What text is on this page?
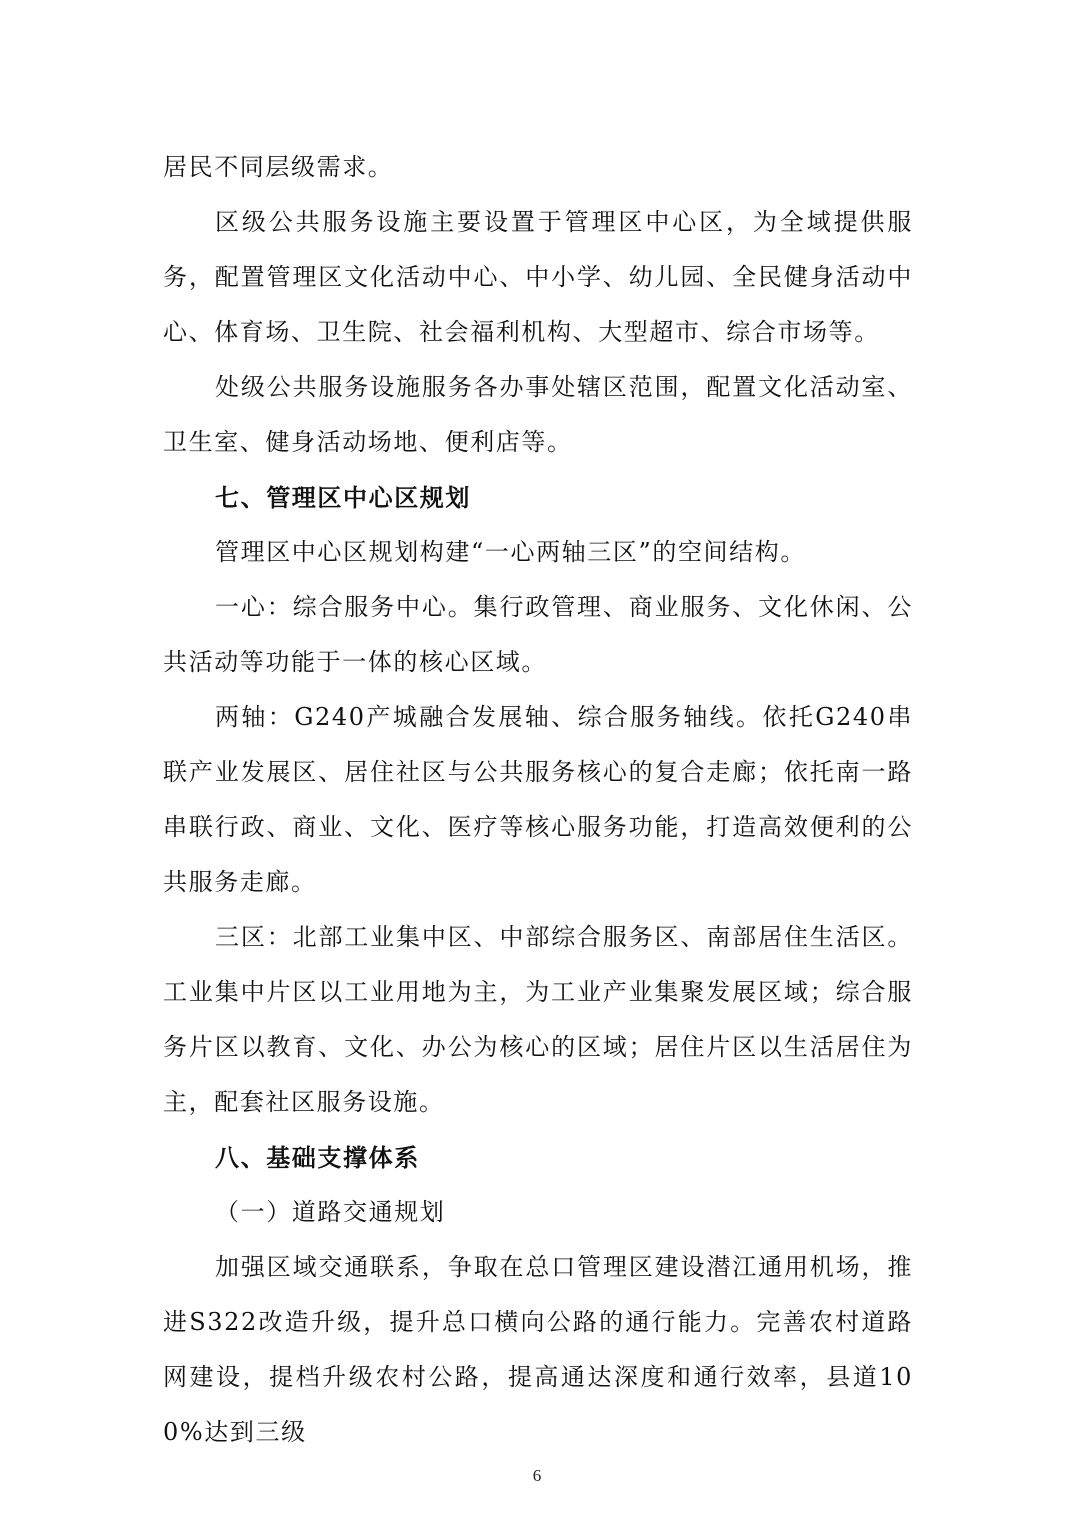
居民不同层级需求。

区级公共服务设施主要设置于管理区中心区，为全域提供服务，配置管理区文化活动中心、中小学、幼儿园、全民健身活动中心、体育场、卫生院、社会福利机构、大型超市、综合市场等。

处级公共服务设施服务各办事处辖区范围，配置文化活动室、卫生室、健身活动场地、便利店等。

七、管理区中心区规划

管理区中心区规划构建“一心两轴三区”的空间结构。

一心：综合服务中心。集行政管理、商业服务、文化休闲、公共活动等功能于一体的核心区域。

两轴：G240产城融合发展轴、综合服务轴线。依托G240串联产业发展区、居住社区与公共服务核心的复合走廊；依托南一路串联行政、商业、文化、医疗等核心服务功能，打造高效便利的公共服务走廊。

三区：北部工业集中区、中部综合服务区、南部居住生活区。工业集中片区以工业用地为主，为工业产业集聚发展区域；综合服务片区以教育、文化、办公为核心的区域；居住片区以生活居住为主，配套社区服务设施。

八、基础支撑体系

（一）道路交通规划

加强区域交通联系，争取在总口管理区建设潜江通用机场，推进S322改造升级，提升总口横向公路的通行能力。完善农村道路网建设，提档升级农村公路，提高通达深度和通行效率，县道100%达到三级

6
